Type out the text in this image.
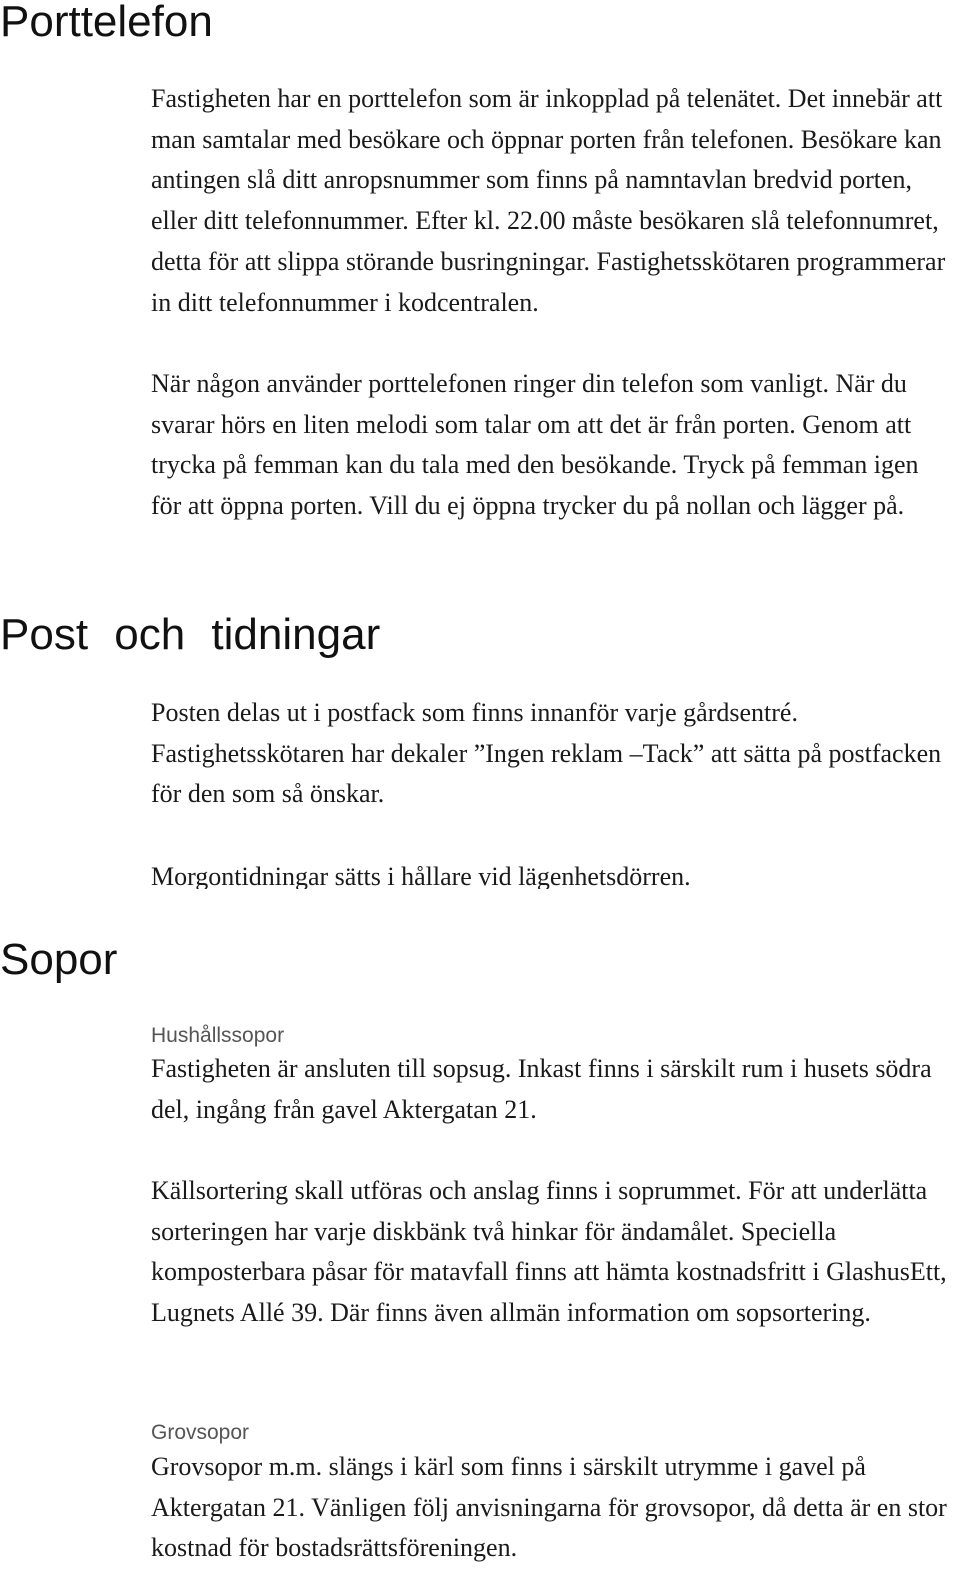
Porttelefon

Fastigheten har en porttelefon som är inkopplad på telenätet. Det innebär att man samtalar med besökare och öppnar porten från telefonen. Besökare kan antingen slå ditt anropsnummer som finns på namntavlan bredvid porten, eller ditt telefonnummer. Efter kl. 22.00 måste besökaren slå telefonnumret, detta för att slippa störande busringningar. Fastighetsskötaren programmerar in ditt telefonnummer i kodcentralen.

När någon använder porttelefonen ringer din telefon som vanligt. När du svarar hörs en liten melodi som talar om att det är från porten. Genom att trycka på femman kan du tala med den besökande. Tryck på femman igen för att öppna porten. Vill du ej öppna trycker du på nollan och lägger på.

Post och tidningar

Posten delas ut i postfack som finns innanför varje gårdsentré. Fastighetsskötaren har dekaler ”Ingen reklam –Tack” att sätta på postfacken för den som så önskar.

Morgontidningar sätts i hållare vid lägenhetsdörren.

Sopor
Hushållssopor

Fastigheten är ansluten till sopsug. Inkast finns i särskilt rum i husets södra del, ingång från gavel Aktergatan 21.

Källsortering skall utföras och anslag finns i soprummet. För att underlätta sorteringen har varje diskbänk två hinkar för ändamålet. Speciella komposterbara påsar för matavfall finns att hämta kostnadsfritt i GlashusEtt, Lugnets Allé 39. Där finns även allmän information om sopsortering.

Grovsopor

Grovsopor m.m. slängs i kärl som finns i särskilt utrymme i gavel på Aktergatan 21. Vänligen följ anvisningarna för grovsopor, då detta är en stor kostnad för bostadsrättsföreningen.
